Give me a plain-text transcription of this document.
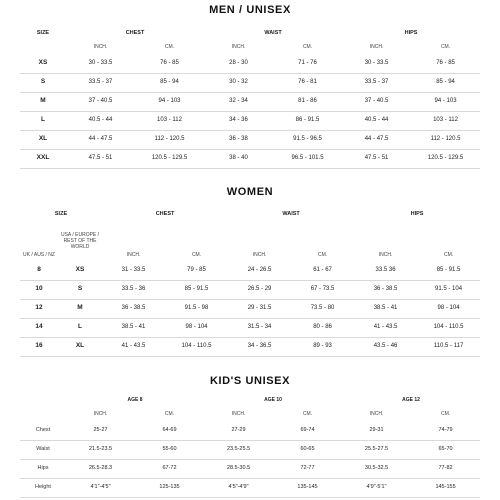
MEN / UNISEX
SIZE	CHEST		WAIST		HIPS	
	INCH.	CM.	INCH.	CM.	INCH.	CM.
XS	30 - 33.5	76 - 85	28 - 30	71 - 76	30 - 33.5	76 - 85
S	33.5 - 37	85 - 94	30 - 32	76 - 81	33.5 - 37	85 - 94
M	37 - 40.5	94 - 103	32 - 34	81 - 86	37 - 40.5	94 - 103
L	40.5 - 44	103 - 112	34 - 36	86 - 91.5	40.5 - 44	103 - 112
XL	44 - 47.5	112 - 120.5	36 - 38	91.5 - 96.5	44 - 47.5	112 - 120.5
XXL	47.5 - 51	120.5 - 129.5	38 - 40	96.5 - 101.5	47.5 - 51	120.5 - 129.5
WOMEN
SIZE		CHEST		WAIST		HIPS	
UK / AUS / NZ	USA / EUROPE / REST OF THE WORLD	INCH.	CM.	INCH.	CM.	INCH.	CM.
8	XS	31 - 33.5	79 - 85	24 - 26.5	61 - 67	33.5 36	85 - 91.5
10	S	33.5 - 36	85 - 91.5	26.5 - 29	67 - 73.5	36 - 38.5	91.5 - 104
12	M	36 - 38.5	91.5 - 98	29 - 31.5	73.5 - 80	38.5 - 41	98 - 104
14	L	38.5 - 41	98 - 104	31.5 - 34	80 - 86	41 - 43.5	104 - 110.5
16	XL	41 - 43.5	104 - 110.5	34 - 36.5	89 - 93	43.5 - 46	110.5 - 117
KID'S UNISEX
	AGE 8		AGE 10		AGE 12	
	INCH.	CM.	INCH.	CM.	INCH.	CM.
Chest	25-27	64-69	27-29	69-74	29-31	74-79
Waist	21.5-23.5	55-60	23.5-25.5	60-65	25.5-27.5	65-70
Hips	26.5-28.3	67-72	28.5-30.5	72-77	30.5-32.5	77-82
Height	4'1"-4'5"	125-135	4'5"-4'9"	135-145	4'9"-5'1"	145-155
